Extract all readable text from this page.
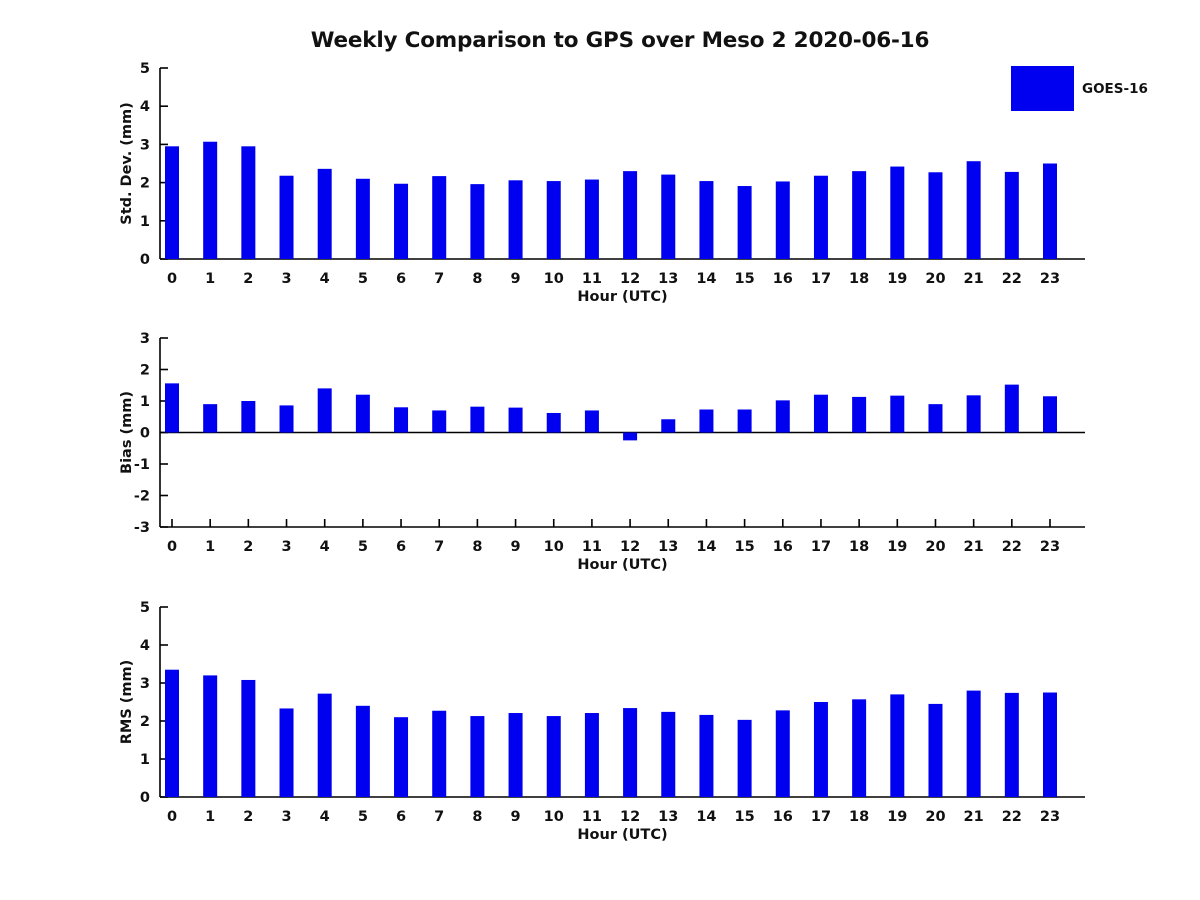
Weekly Comparison to GPS over Meso 2 2020-06-16
GOES-16
0
1
2
3
4
5
0 1 2 3 4 5 6 7 8 9 10 11 12 13 14 15 16 17 18 19 20 21 22 23
Hour (UTC)
Std. Dev. (mm)
-3
-2
-1
0
1
2
3
0 1 2 3 4 5 6 7 8 9 10 11 12 13 14 15 16 17 18 19 20 21 22 23
Hour (UTC)
Bias (mm)
0
1
2
3
4
5
0 1 2 3 4 5 6 7 8 9 10 11 12 13 14 15 16 17 18 19 20 21 22 23
Hour (UTC)
RMS (mm)
